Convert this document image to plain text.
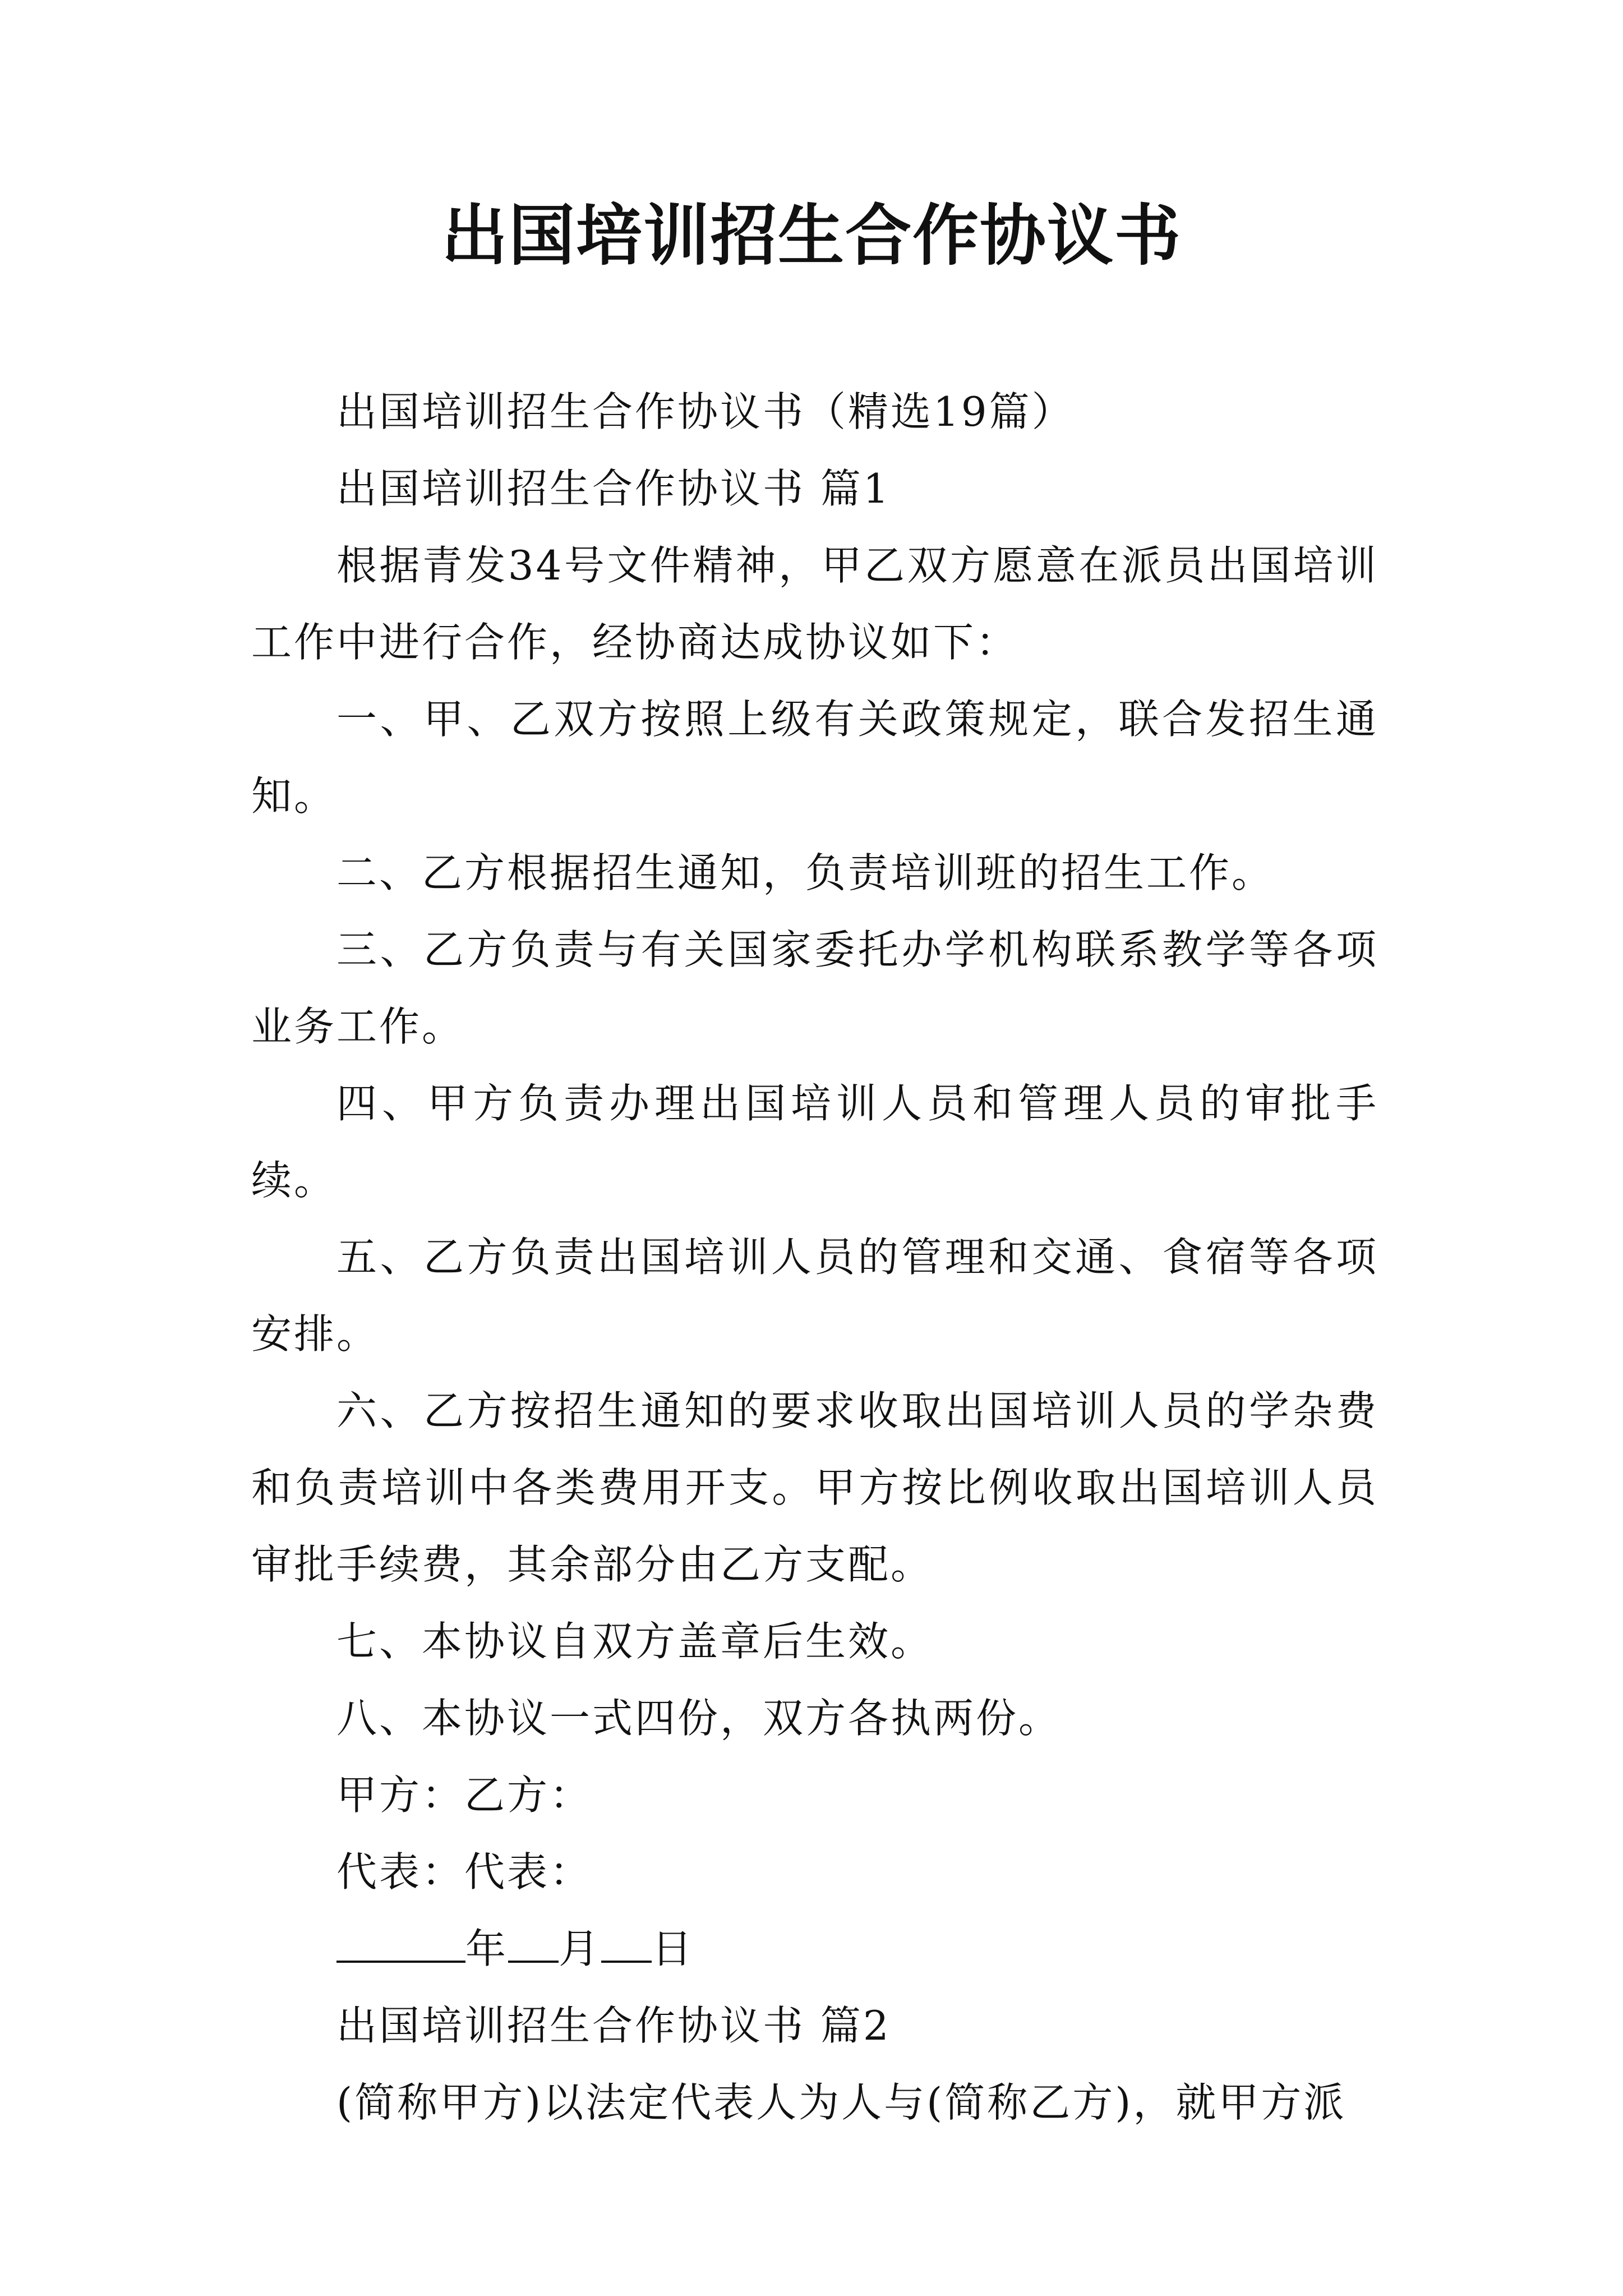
出国培训招生合作协议书

出国培训招生合作协议书（精选19篇）

出国培训招生合作协议书 篇1

根据青发34号文件精神，甲乙双方愿意在派员出国培训工作中进行合作，经协商达成协议如下：

一、甲、乙双方按照上级有关政策规定，联合发招生通知。

二、乙方根据招生通知，负责培训班的招生工作。

三、乙方负责与有关国家委托办学机构联系教学等各项业务工作。

四、甲方负责办理出国培训人员和管理人员的审批手续。

五、乙方负责出国培训人员的管理和交通、食宿等各项安排。

六、乙方按招生通知的要求收取出国培训人员的学杂费和负责培训中各类费用开支。甲方按比例收取出国培训人员审批手续费，其余部分由乙方支配。

七、本协议自双方盖章后生效。

八、本协议一式四份，双方各执两份。

甲方：乙方：

代表：代表：

年 月 日

出国培训招生合作协议书 篇2

(简称甲方)以法定代表人为人与(简称乙方)，就甲方派
